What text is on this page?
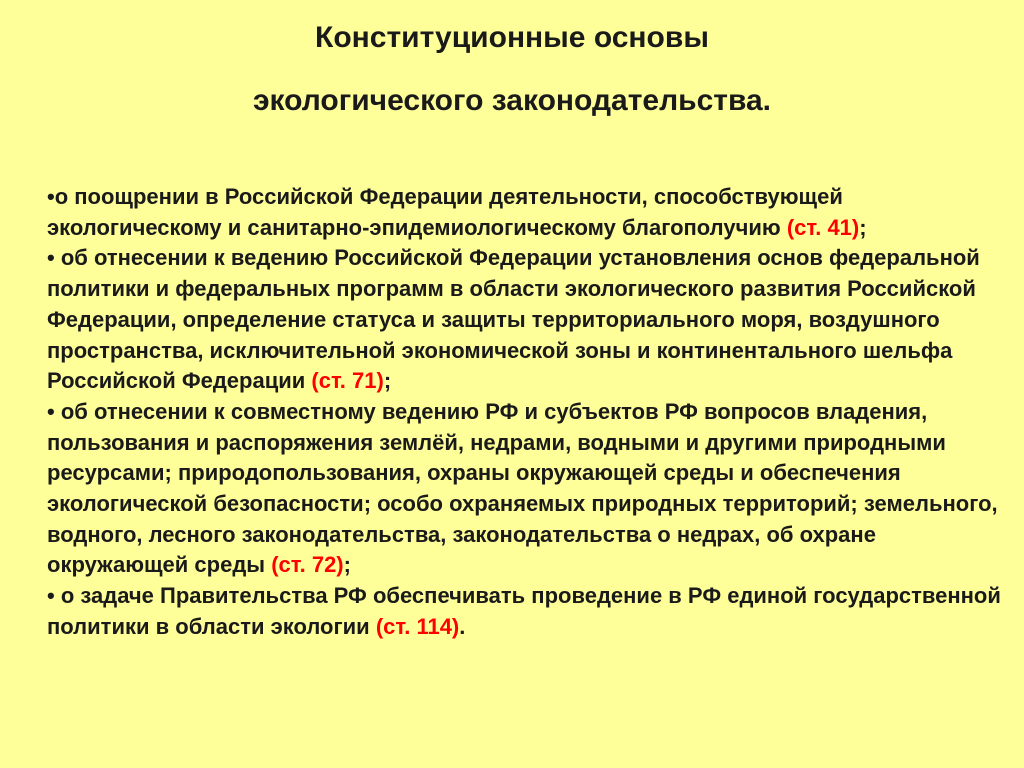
Конституционные основы
экологического законодательства.

•о поощрении в Российской Федерации деятельности, способствующей экологическому и санитарно-эпидемиологическому благополучию (ст. 41);

• об отнесении к ведению Российской Федерации установления основ федеральной политики и федеральных программ в области экологического развития Российской Федерации, определение статуса и защиты территориального моря, воздушного пространства, исключительной экономической зоны и континентального шельфа Российской Федерации (ст. 71);

• об отнесении к совместному ведению РФ и субъектов РФ вопросов владения, пользования и распоряжения землёй, недрами, водными и другими природными ресурсами; природопользования, охраны окружающей среды и обеспечения экологической безопасности; особо охраняемых природных территорий; земельного, водного, лесного законодательства, законодательства о недрах, об охране окружающей среды (ст. 72);

• о задаче Правительства РФ обеспечивать проведение в РФ единой государственной политики в области экологии (ст. 114).
